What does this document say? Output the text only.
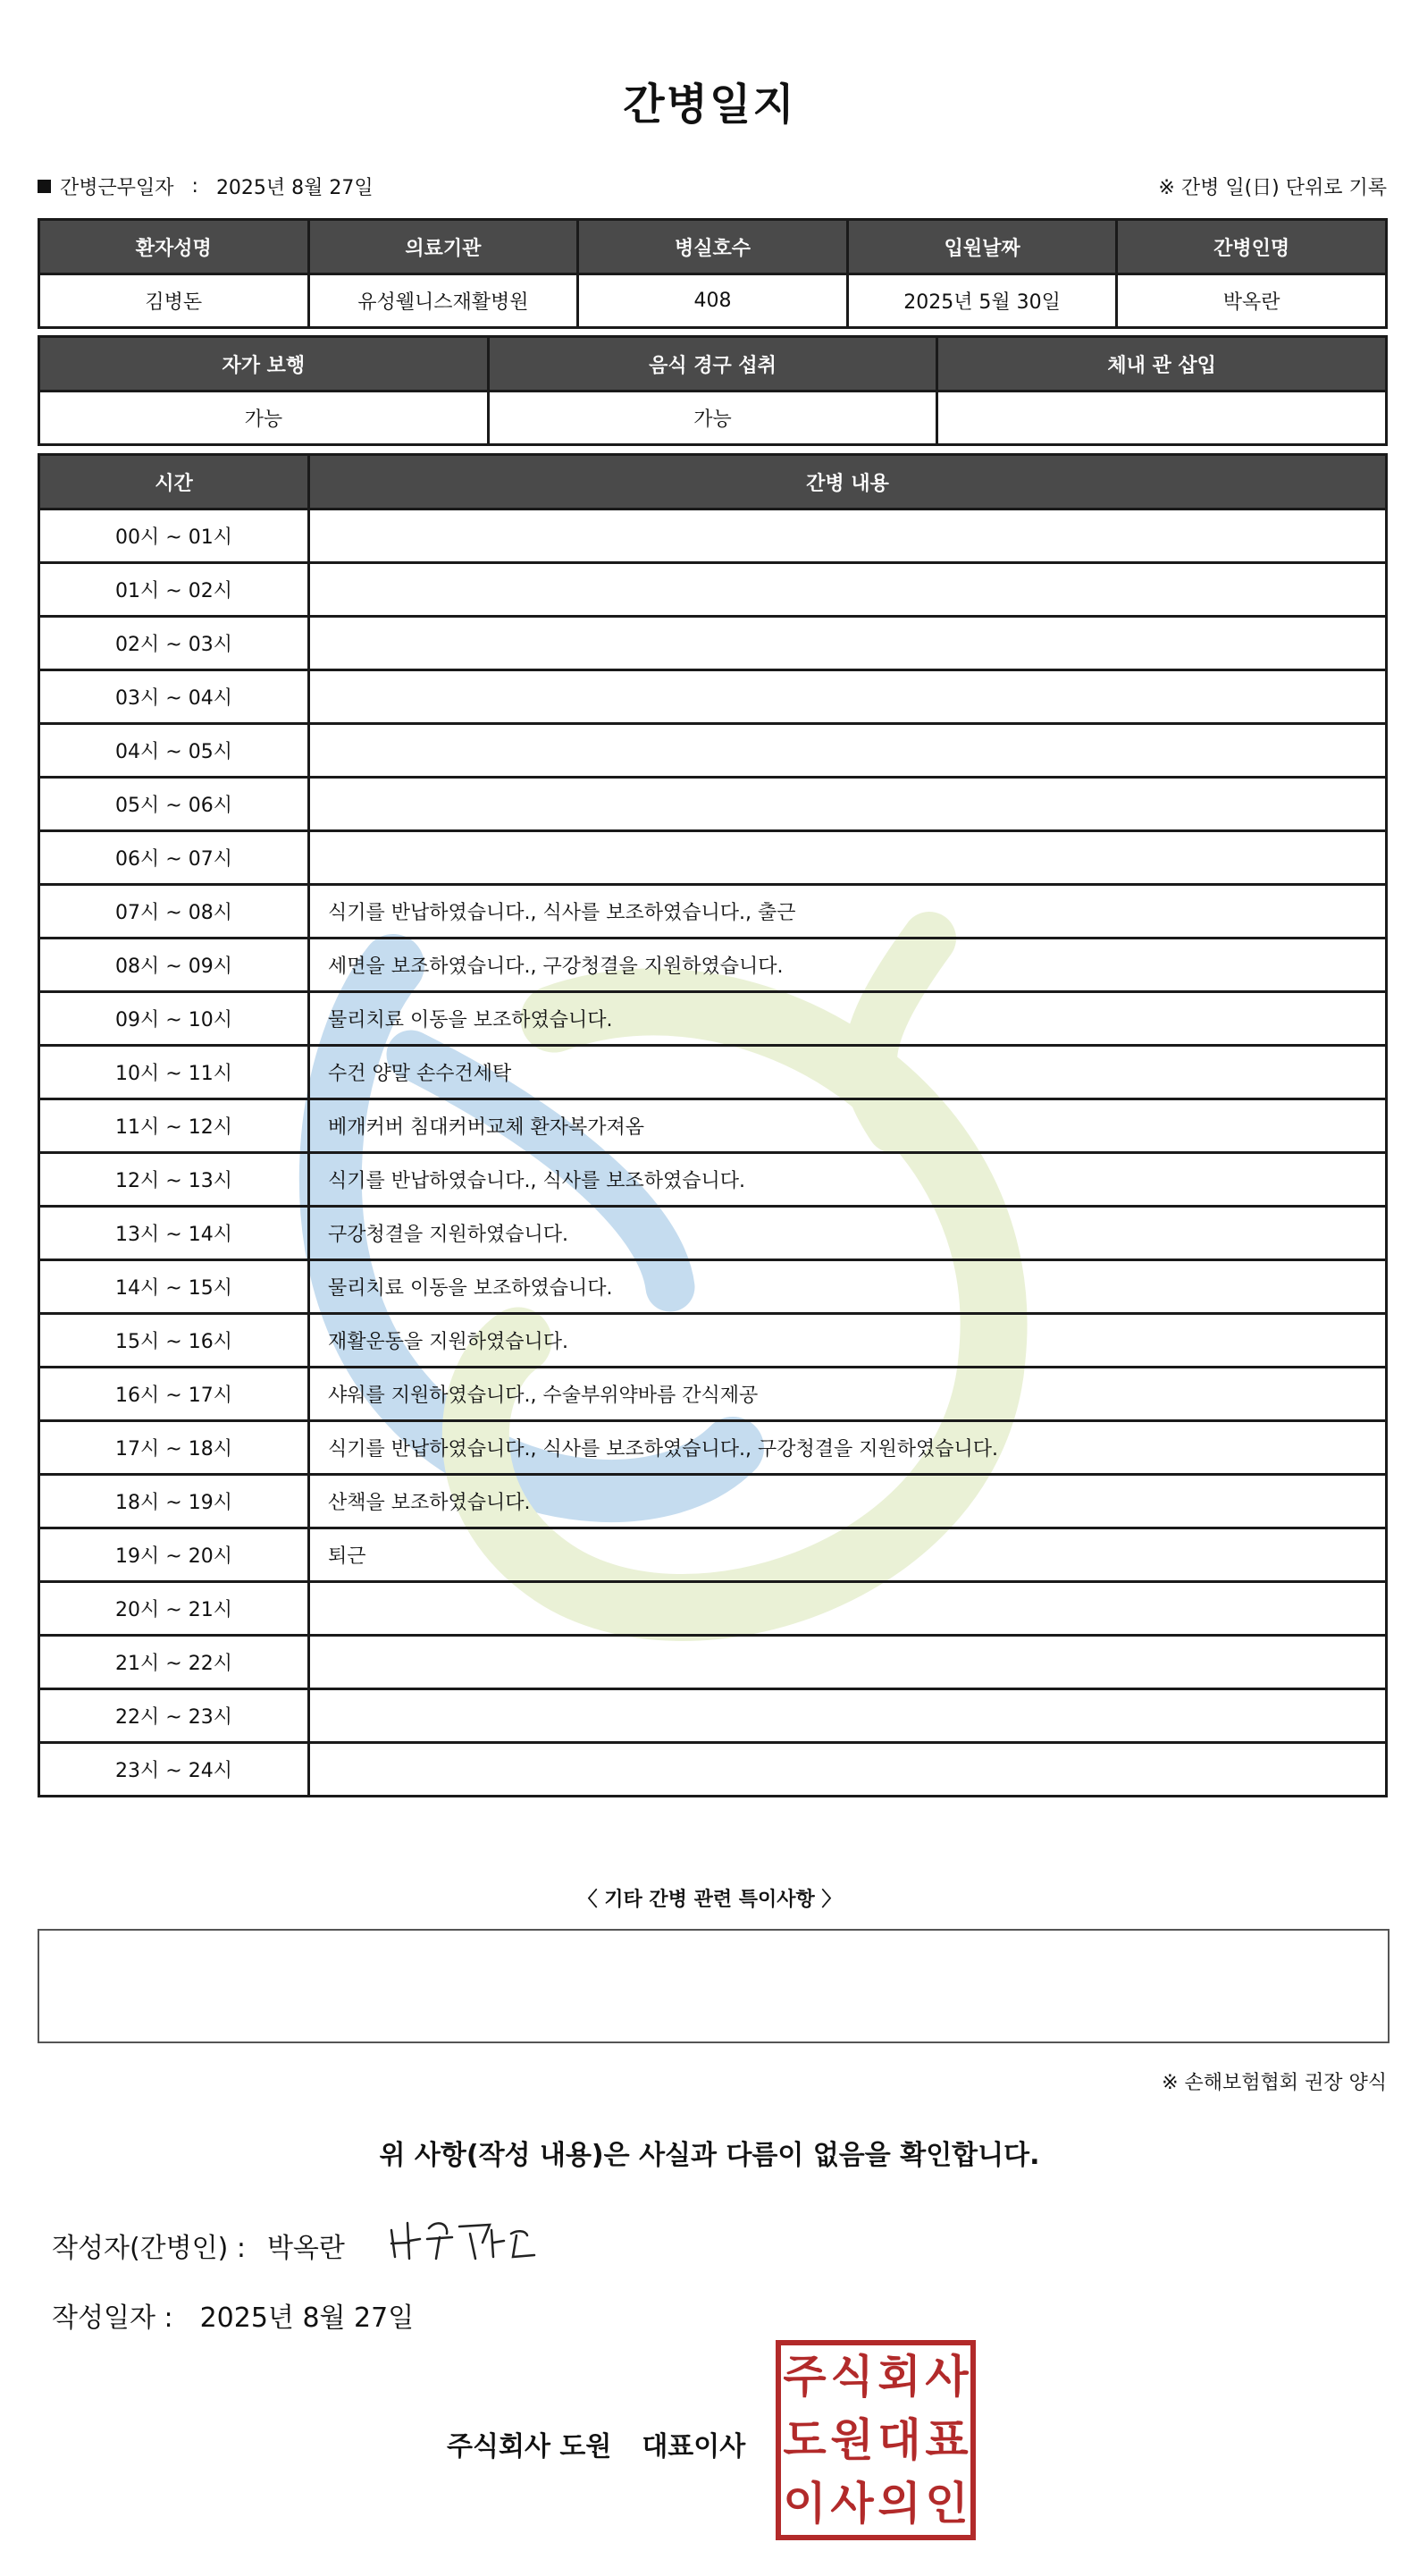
간병일지
간병근무일자 : 2025년 8월 27일	※ 간병 일(日) 단위로 기록
환자성명	의료기관	병실호수	입원날짜	간병인명
김병돈	유성웰니스재활병원	408	2025년 5월 30일	박옥란
자가 보행	음식 경구 섭취	체내 관 삽입
가능	가능	
시간	간병 내용
00시 ~ 01시	
01시 ~ 02시	
02시 ~ 03시	
03시 ~ 04시	
04시 ~ 05시	
05시 ~ 06시	
06시 ~ 07시	
07시 ~ 08시	식기를 반납하였습니다., 식사를 보조하였습니다., 출근
08시 ~ 09시	세면을 보조하였습니다., 구강청결을 지원하였습니다.
09시 ~ 10시	물리치료 이동을 보조하였습니다.
10시 ~ 11시	수건 양말 손수건세탁
11시 ~ 12시	베개커버 침대커버교체 환자복가져옴
12시 ~ 13시	식기를 반납하였습니다., 식사를 보조하였습니다.
13시 ~ 14시	구강청결을 지원하였습니다.
14시 ~ 15시	물리치료 이동을 보조하였습니다.
15시 ~ 16시	재활운동을 지원하였습니다.
16시 ~ 17시	샤워를 지원하였습니다., 수술부위약바름 간식제공
17시 ~ 18시	식기를 반납하였습니다., 식사를 보조하였습니다., 구강청결을 지원하였습니다.
18시 ~ 19시	산책을 보조하였습니다.
19시 ~ 20시	퇴근
20시 ~ 21시	
21시 ~ 22시	
22시 ~ 23시	
23시 ~ 24시	
〈 기타 간병 관련 특이사항 〉
※ 손해보험협회 권장 양식
위 사항(작성 내용)은 사실과 다름이 없음을 확인합니다.
작성자(간병인) : 박옥란
작성일자 : 2025년 8월 27일
주식회사 도원 대표이사
주 식 회 사
도 원 대 표
이 사 의 인
